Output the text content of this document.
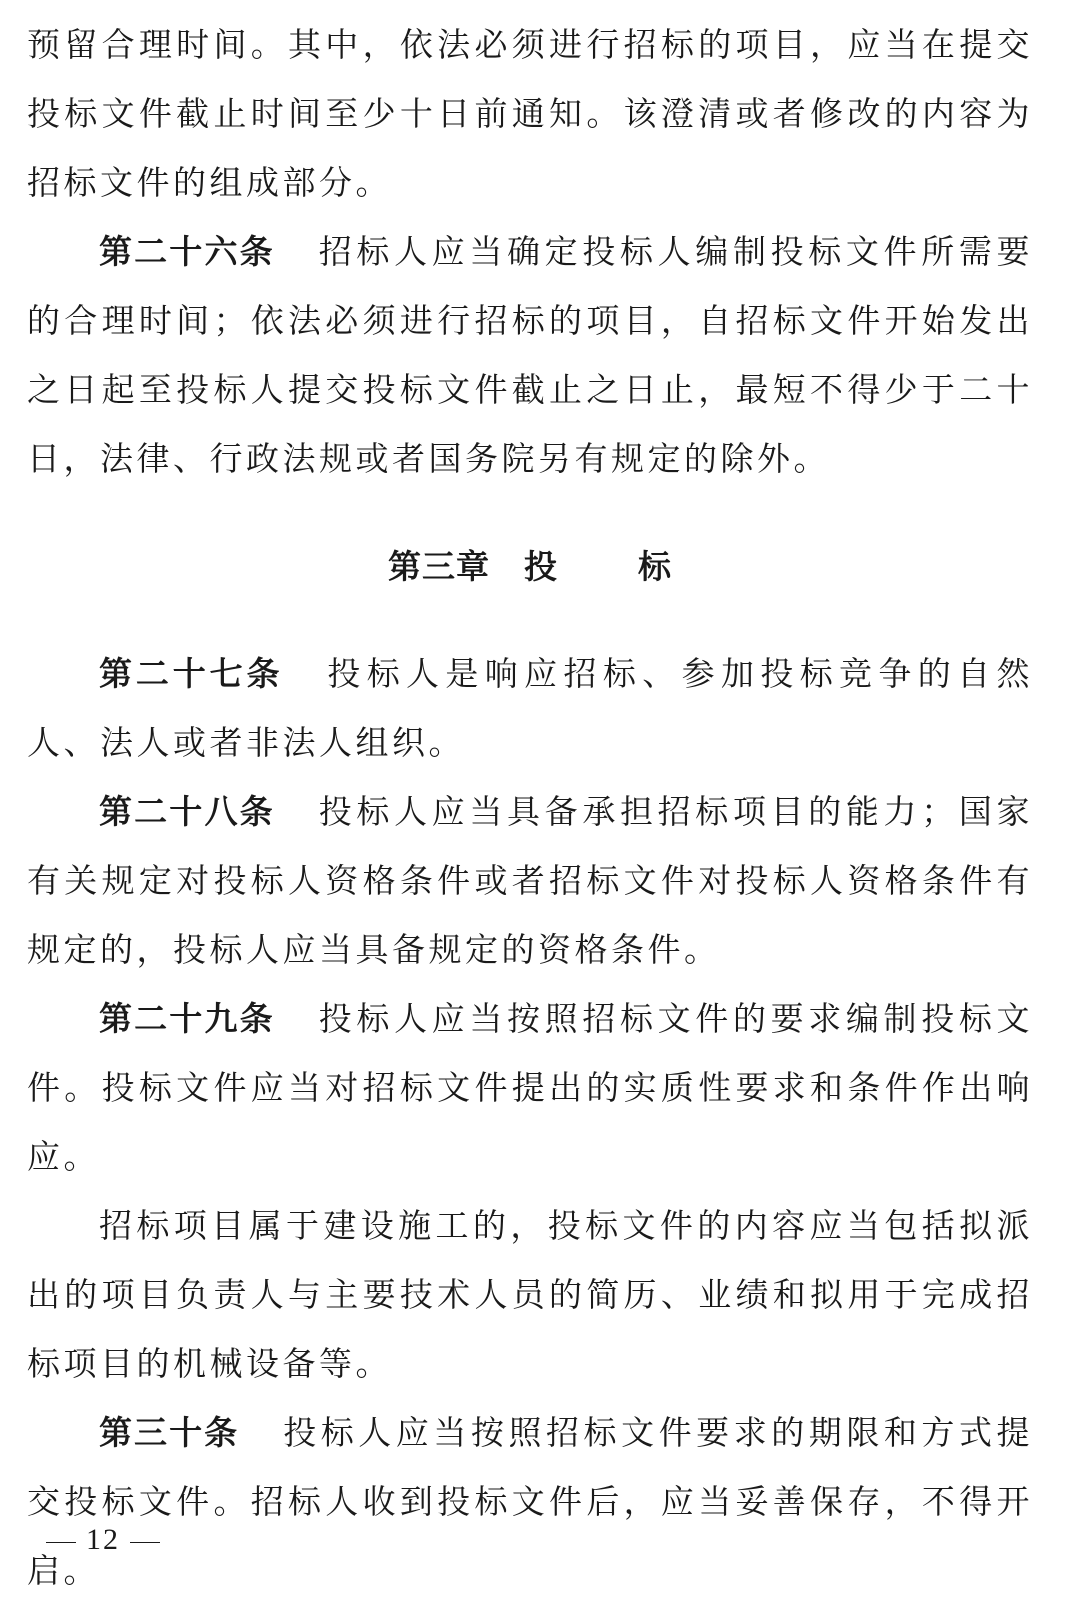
预留合理时间。其中，依法必须进行招标的项目，应当在提交投标文件截止时间至少十日前通知。该澄清或者修改的内容为招标文件的组成部分。

第二十六条 招标人应当确定投标人编制投标文件所需要的合理时间；依法必须进行招标的项目，自招标文件开始发出之日起至投标人提交投标文件截止之日止，最短不得少于二十日，法律、行政法规或者国务院另有规定的除外。

第三章 投 标

第二十七条 投标人是响应招标、参加投标竞争的自然人、法人或者非法人组织。

第二十八条 投标人应当具备承担招标项目的能力；国家有关规定对投标人资格条件或者招标文件对投标人资格条件有规定的，投标人应当具备规定的资格条件。

第二十九条 投标人应当按照招标文件的要求编制投标文件。投标文件应当对招标文件提出的实质性要求和条件作出响应。

招标项目属于建设施工的，投标文件的内容应当包括拟派出的项目负责人与主要技术人员的简历、业绩和拟用于完成招标项目的机械设备等。

第三十条 投标人应当按照招标文件要求的期限和方式提交投标文件。招标人收到投标文件后，应当妥善保存，不得开启。

12
